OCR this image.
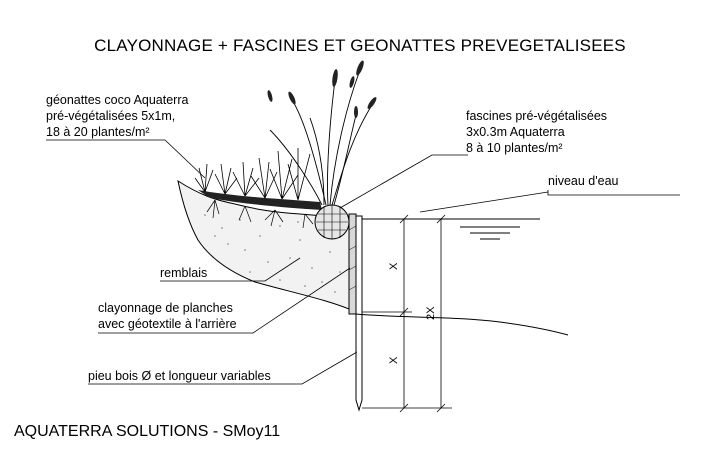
CLAYONNAGE + FASCINES ET GEONATTES PREVEGETALISEES
géonattes coco Aquaterra
pré-végétalisées 5x1m,
18 à 20 plantes/m²
fascines pré-végétalisées
3x0.3m Aquaterra
8 à 10 plantes/m²
niveau d'eau
remblais
clayonnage de planches
avec géotextile à l'arrière
pieu bois Ø et longueur variables
AQUATERRA SOLUTIONS - SMoy11
X
X
2X
